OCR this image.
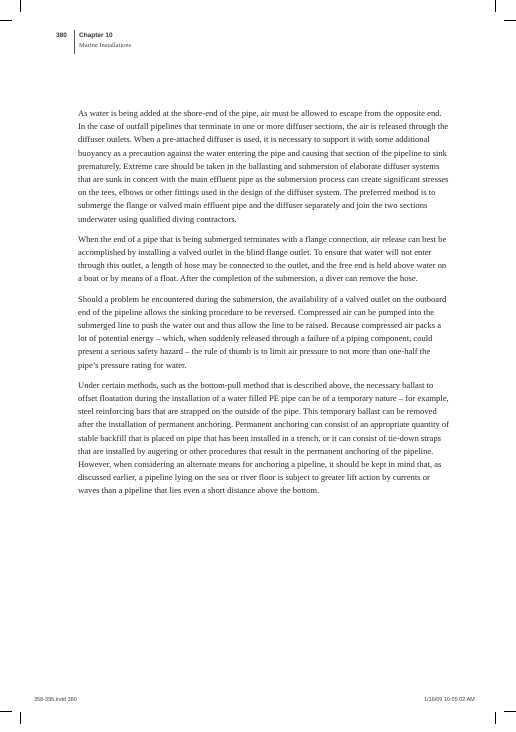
380 Chapter 10
Marine Installations

As water is being added at the shore-end of the pipe, air must be allowed to escape from the opposite end. In the case of outfall pipelines that terminate in one or more diffuser sections, the air is released through the diffuser outlets. When a pre-attached diffuser is used, it is necessary to support it with some additional buoyancy as a precaution against the water entering the pipe and causing that section of the pipeline to sink prematurely. Extreme care should be taken in the ballasting and submersion of elaborate diffuser systems that are sunk in concert with the main effluent pipe as the submersion process can create significant stresses on the tees, elbows or other fittings used in the design of the diffuser system. The preferred method is to submerge the flange or valved main effluent pipe and the diffuser separately and join the two sections underwater using qualified diving contractors.

When the end of a pipe that is being submerged terminates with a flange connection, air release can best be accomplished by installing a valved outlet in the blind flange outlet. To ensure that water will not enter through this outlet, a length of hose may be connected to the outlet, and the free end is held above water on a boat or by means of a float. After the completion of the submersion, a diver can remove the hose.

Should a problem be encountered during the submersion, the availability of a valved outlet on the outboard end of the pipeline allows the sinking procedure to be reversed. Compressed air can be pumped into the submerged line to push the water out and thus allow the line to be raised. Because compressed air packs a lot of potential energy – which, when suddenly released through a failure of a piping component, could present a serious safety hazard – the rule of thumb is to limit air pressure to not more than one-half the pipe’s pressure rating for water.

Under certain methods, such as the bottom-pull method that is described above, the necessary ballast to offset floatation during the installation of a water filled PE pipe can be of a temporary nature – for example, steel reinforcing bars that are strapped on the outside of the pipe. This temporary ballast can be removed after the installation of permanent anchoring. Permanent anchoring can consist of an appropriate quantity of stable backfill that is placed on pipe that has been installed in a trench, or it can consist of tie-down straps that are installed by augering or other procedures that result in the permanent anchoring of the pipeline. However, when considering an alternate means for anchoring a pipeline, it should be kept in mind that, as discussed earlier, a pipeline lying on the sea or river floor is subject to greater lift action by currents or waves than a pipeline that lies even a short distance above the bottom.

358-395.indd 380	1/16/09 10:05:02 AM
